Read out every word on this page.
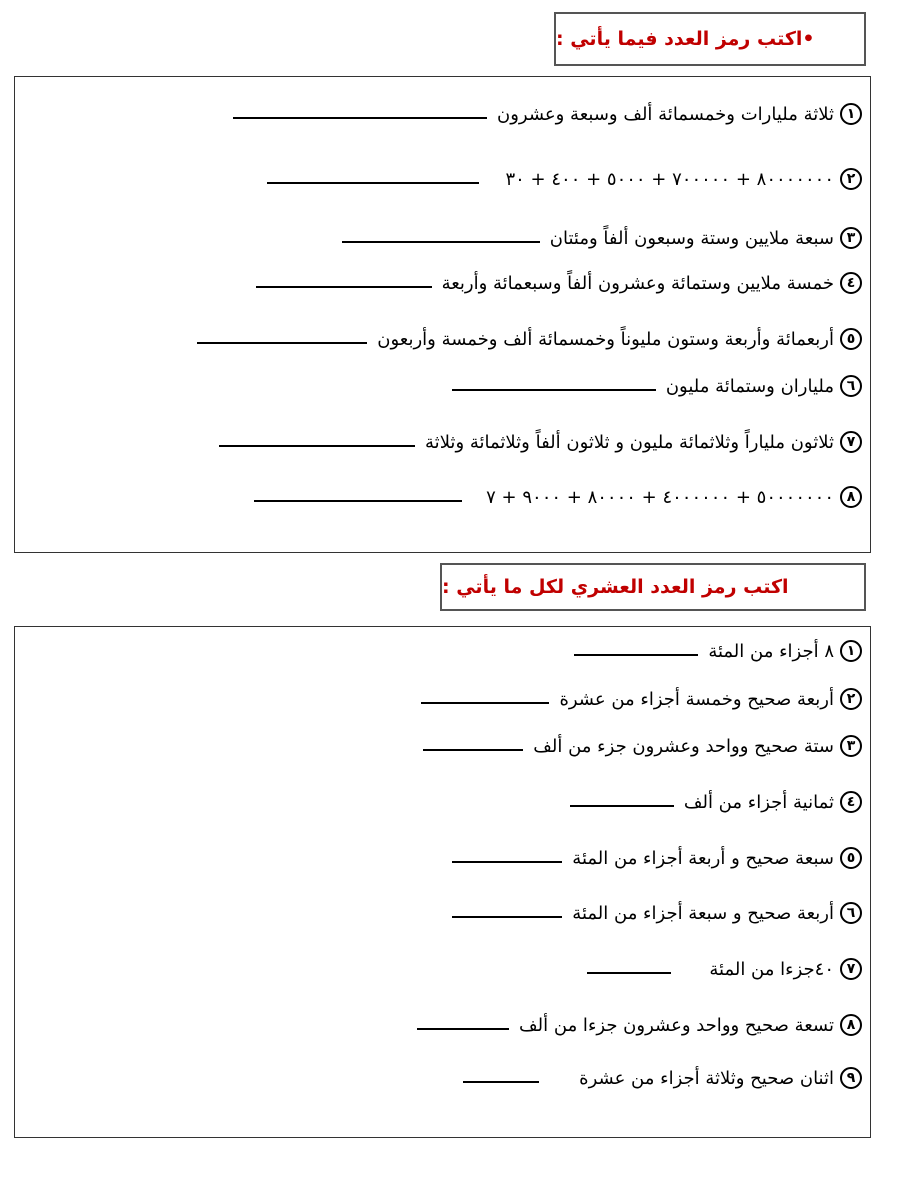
•اكتب رمز العدد فيما يأتي :
١
ثلاثة مليارات وخمسمائة ألف وسبعة وعشرون
٢
٨٠٠٠٠٠٠٠ + ٧٠٠٠٠٠ + ٥٠٠٠ + ٤٠٠ + ٣٠
٣
سبعة ملايين وستة وسبعون ألفاً ومئتان
٤
خمسة ملايين وستمائة وعشرون ألفاً وسبعمائة وأربعة
٥
أربعمائة وأربعة وستون مليوناً وخمسمائة ألف وخمسة وأربعون
٦
ملياران وستمائة مليون
٧
ثلاثون ملياراً وثلاثمائة مليون و ثلاثون ألفاً وثلاثمائة وثلاثة
٨
٥٠٠٠٠٠٠٠ + ٤٠٠٠٠٠٠ + ٨٠٠٠٠ + ٩٠٠٠ + ٧
اكتب رمز العدد العشري لكل ما يأتي :
١
٨ أجزاء من المئة
٢
أربعة صحيح وخمسة أجزاء من عشرة
٣
ستة صحيح وواحد وعشرون جزء من ألف
٤
ثمانية أجزاء من ألف
٥
سبعة صحيح و أربعة أجزاء من المئة
٦
أربعة صحيح و سبعة أجزاء من المئة
٧
٤٠جزءا من المئة
٨
تسعة صحيح وواحد وعشرون جزءا من ألف
٩
اثنان صحيح وثلاثة أجزاء من عشرة
